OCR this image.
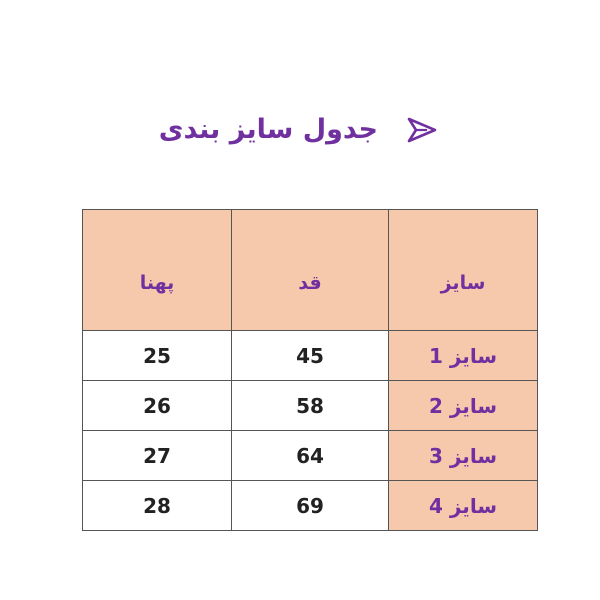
جدول سایز بندی
پهنا	قد	سایز
25	45	سایز 1
26	58	سایز 2
27	64	سایز 3
28	69	سایز 4
